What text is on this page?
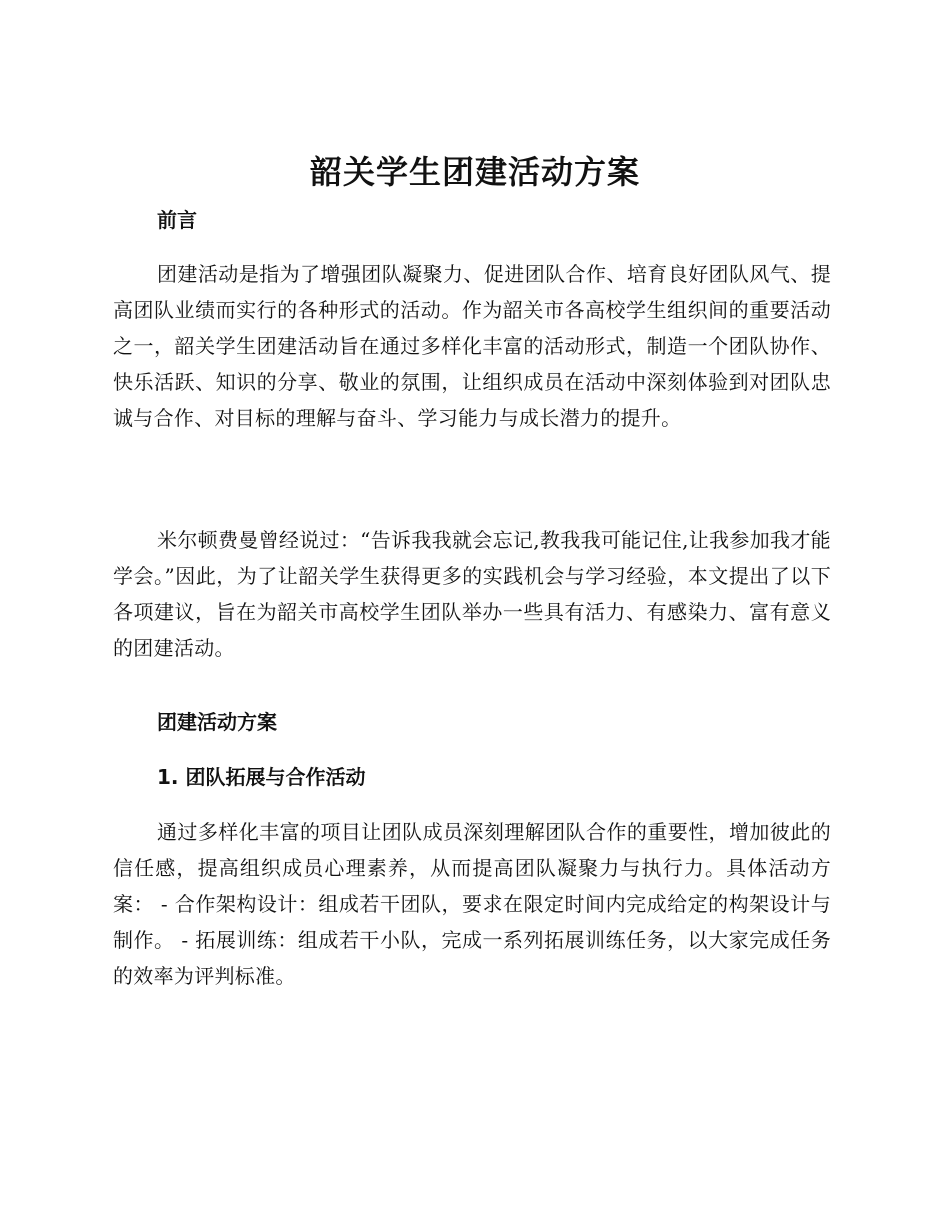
韶关学生团建活动方案
前言

团建活动是指为了增强团队凝聚力、促进团队合作、培育良好团队风气、提高团队业绩而实行的各种形式的活动。作为韶关市各高校学生组织间的重要活动之一，韶关学生团建活动旨在通过多样化丰富的活动形式，制造一个团队协作、快乐活跃、知识的分享、敬业的氛围，让组织成员在活动中深刻体验到对团队忠诚与合作、对目标的理解与奋斗、学习能力与成长潜力的提升。

米尔顿费曼曾经说过：“告诉我我就会忘记,教我我可能记住,让我参加我才能学会。”因此，为了让韶关学生获得更多的实践机会与学习经验，本文提出了以下各项建议，旨在为韶关市高校学生团队举办一些具有活力、有感染力、富有意义的团建活动。

团建活动方案
1. 团队拓展与合作活动

通过多样化丰富的项目让团队成员深刻理解团队合作的重要性，增加彼此的信任感，提高组织成员心理素养，从而提高团队凝聚力与执行力。具体活动方案： - 合作架构设计：组成若干团队，要求在限定时间内完成给定的构架设计与制作。 - 拓展训练：组成若干小队，完成一系列拓展训练任务，以大家完成任务的效率为评判标准。
